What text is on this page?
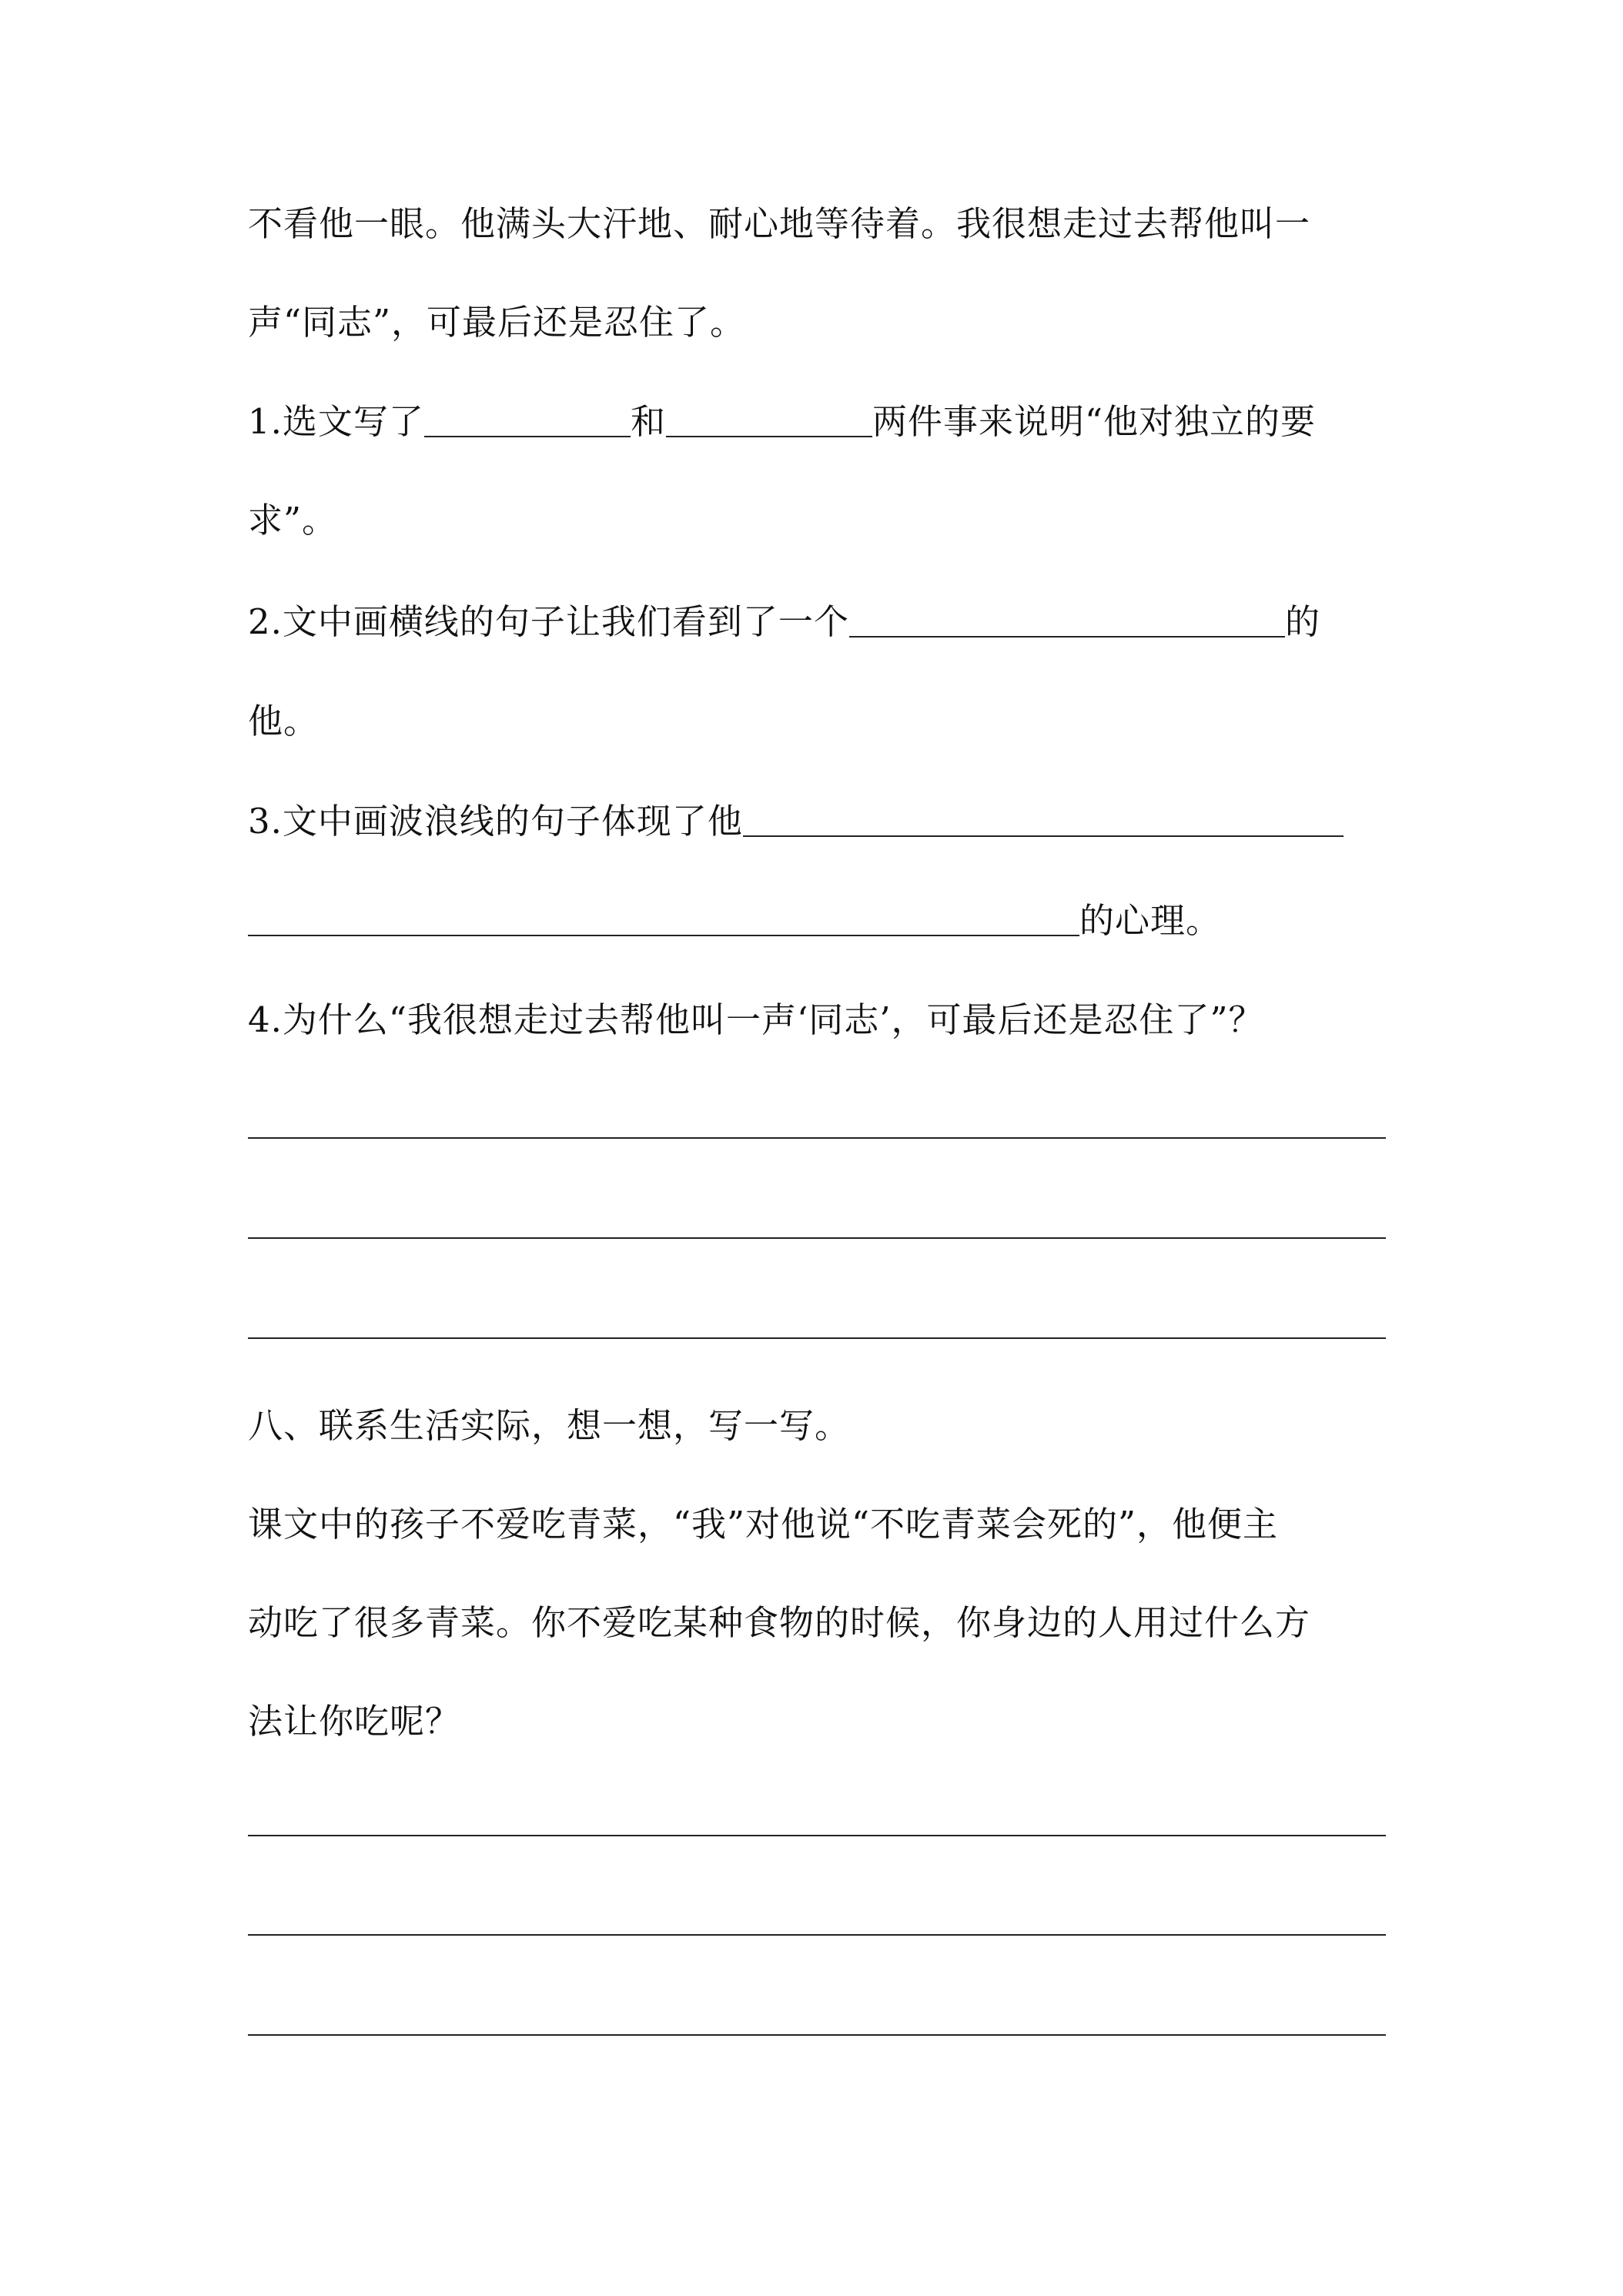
不看他一眼。他满头大汗地、耐心地等待着。我很想走过去帮他叫一
声“同志”，可最后还是忍住了。
1.选文写了	和	两件事来说明“他对独立的要
求”。
2.文中画横线的句子让我们看到了一个	的
他。
3.文中画波浪线的句子体现了他
的心理。
4.为什么“我很想走过去帮他叫一声‘同志’，可最后还是忍住了”？
八、联系生活实际，想一想，写一写。
课文中的孩子不爱吃青菜，“我”对他说“不吃青菜会死的”，他便主
动吃了很多青菜。你不爱吃某种食物的时候，你身边的人用过什么方
法让你吃呢？
